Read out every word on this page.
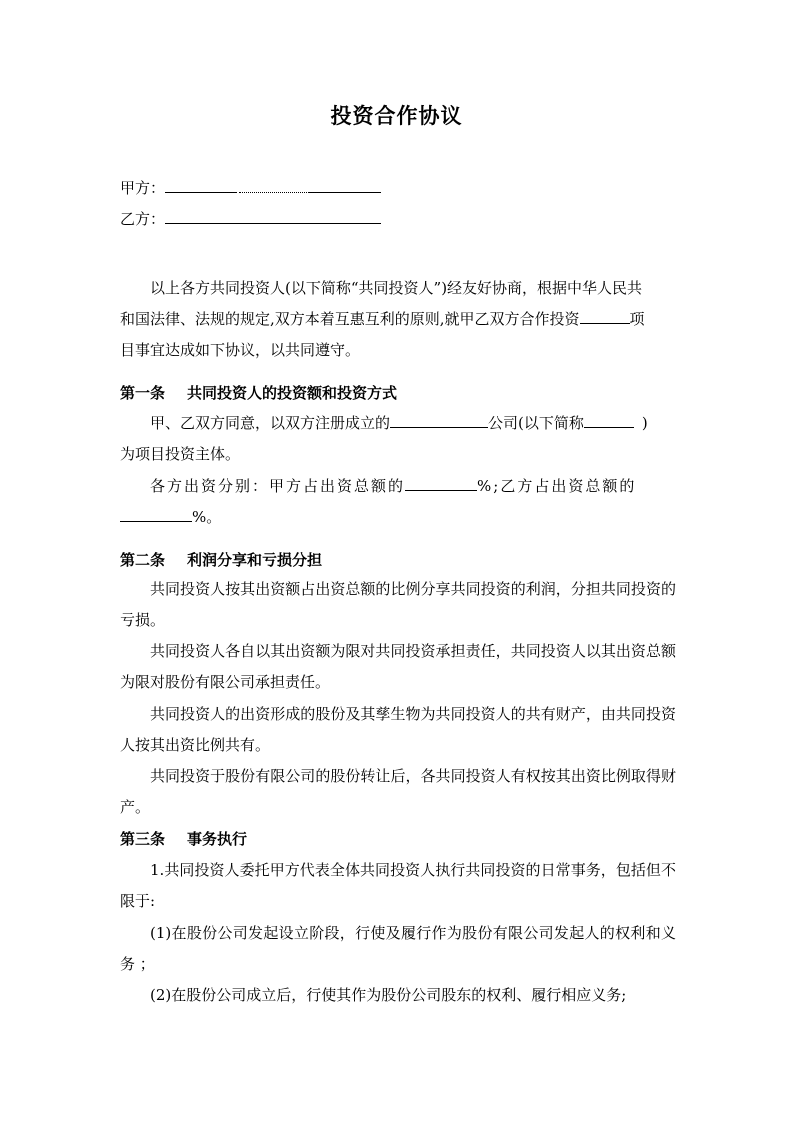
投资合作协议
甲方：
乙方：
以上各方共同投资人(以下简称“共同投资人”)经友好协商，根据中华人民共
和国法律、法规的规定,双方本着互惠互利的原则,就甲乙双方合作投资	项
目事宜达成如下协议，以共同遵守。
第一条 共同投资人的投资额和投资方式
甲、乙双方同意，以双方注册成立的	公司(以下简称	)
为项目投资主体。
各方出资分别：甲方占出资总额的	%;乙方占出资总额的
%。
第二条 利润分享和亏损分担

共同投资人按其出资额占出资总额的比例分享共同投资的利润，分担共同投资的亏损。

共同投资人各自以其出资额为限对共同投资承担责任，共同投资人以其出资总额为限对股份有限公司承担责任。

共同投资人的出资形成的股份及其孳生物为共同投资人的共有财产，由共同投资人按其出资比例共有。

共同投资于股份有限公司的股份转让后，各共同投资人有权按其出资比例取得财产。

第三条 事务执行

1.共同投资人委托甲方代表全体共同投资人执行共同投资的日常事务，包括但不限于:

(1)在股份公司发起设立阶段，行使及履行作为股份有限公司发起人的权利和义务 ；

(2)在股份公司成立后，行使其作为股份公司股东的权利、履行相应义务;
